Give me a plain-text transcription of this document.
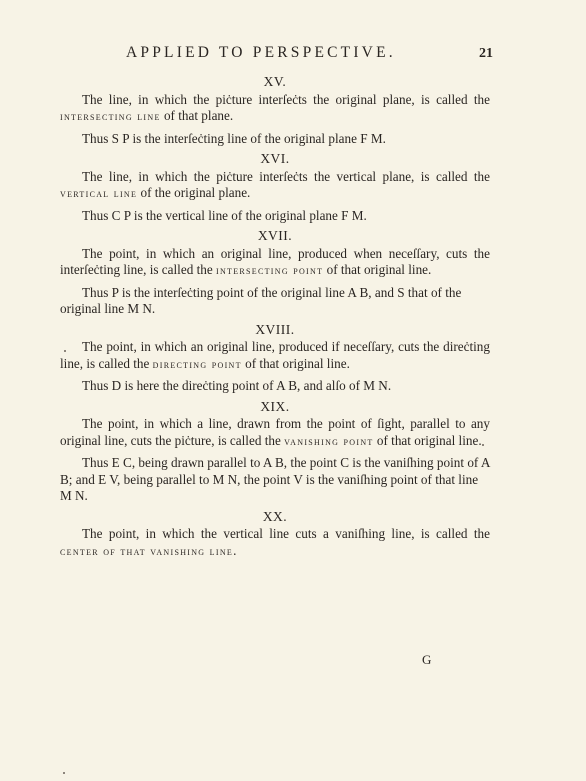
APPLIED TO PERSPECTIVE.	21
XV.

The line, in which the piċture interſeċts the original plane, is called the intersecting line of that plane.

Thus S P is the interſeċting line of the original plane F M.

XVI.

The line, in which the piċture interſeċts the vertical plane, is called the vertical line of the original plane.

Thus C P is the vertical line of the original plane F M.

XVII.

The point, in which an original line, produced when neceſſary, cuts the interſeċting line, is called the intersecting point of that original line.

Thus P is the interſeċting point of the original line A B, and S that of the original line M N.

XVIII.

The point, in which an original line, produced if neceſſary, cuts the direċting line, is called the directing point of that original line.

Thus D is here the direċting point of A B, and alſo of M N.

XIX.

The point, in which a line, drawn from the point of ſight, parallel to any original line, cuts the piċture, is called the vanishing point of that original line.

Thus E C, being drawn parallel to A B, the point C is the vaniſhing point of A B; and E V, being parallel to M N, the point V is the vaniſhing point of that line M N.

XX.

The point, in which the vertical line cuts a vaniſhing line, is called the center of that vanishing line.

G
